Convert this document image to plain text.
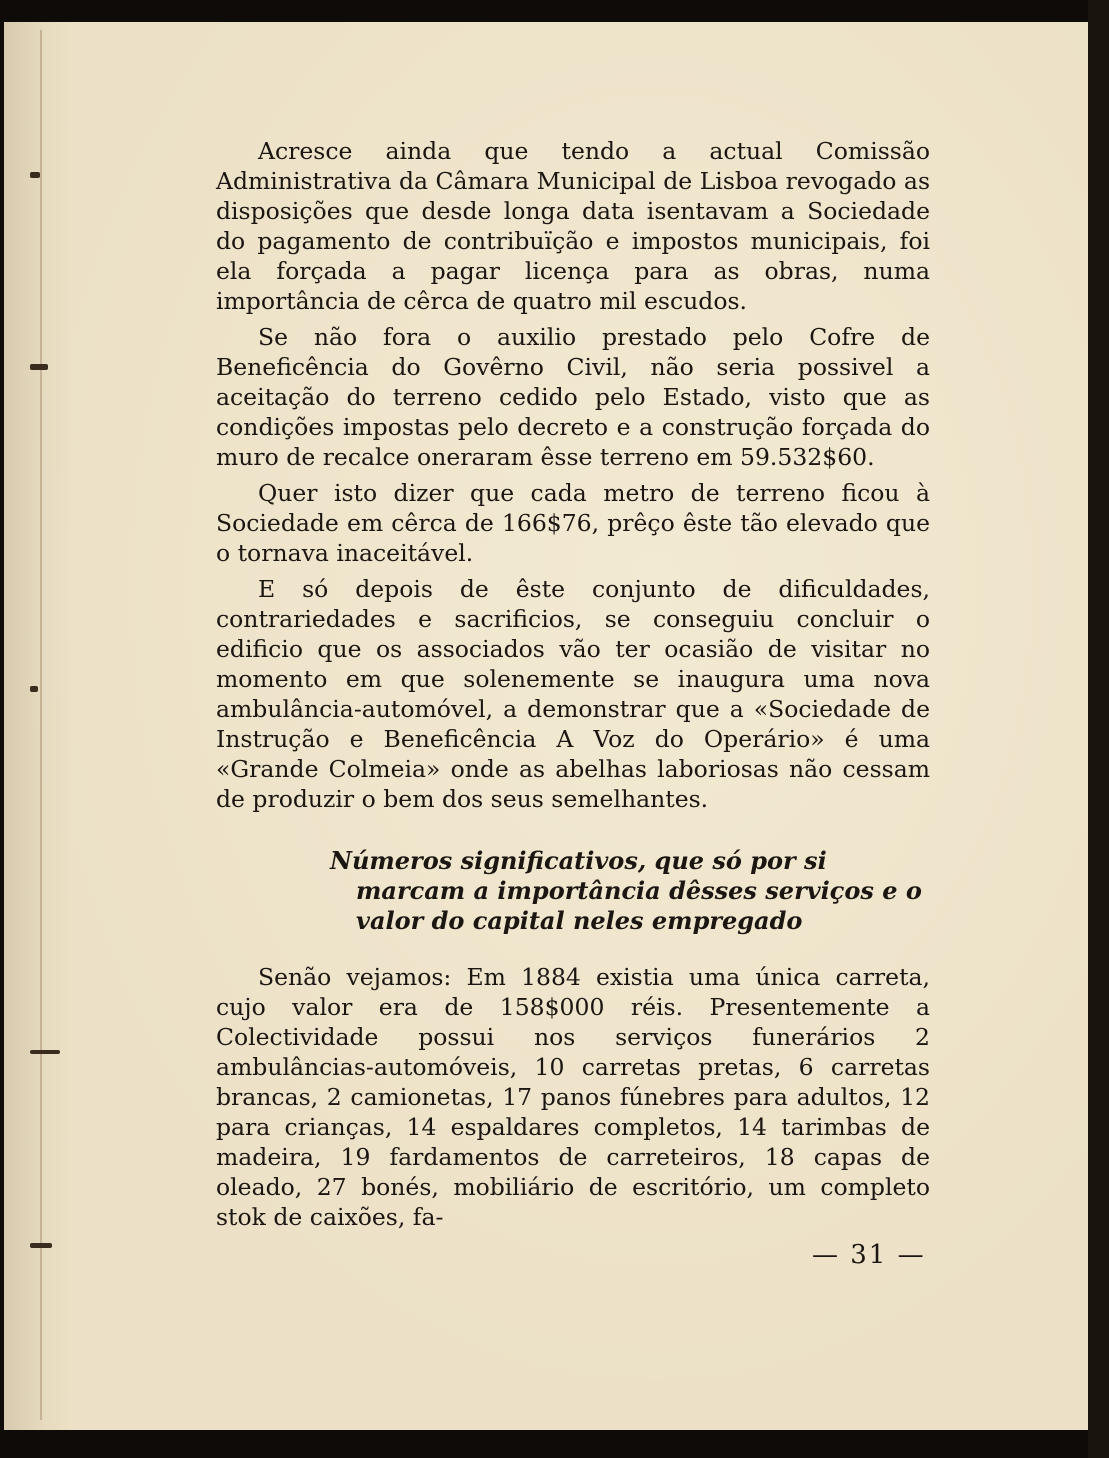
Acresce ainda que tendo a actual Comissão Administrativa da Câmara Municipal de Lisboa revogado as disposições que desde longa data isentavam a Sociedade do pagamento de contribuïção e impostos municipais, foi ela forçada a pagar licença para as obras, numa importância de cêrca de quatro mil escudos.

Se não fora o auxilio prestado pelo Cofre de Beneficência do Govêrno Civil, não seria possivel a aceitação do terreno cedido pelo Estado, visto que as condições impostas pelo decreto e a construção forçada do muro de recalce oneraram êsse terreno em 59.532$60.

Quer isto dizer que cada metro de terreno ficou à Sociedade em cêrca de 166$76, prêço êste tão elevado que o tornava inaceitável.

E só depois de êste conjunto de dificuldades, contrariedades e sacrificios, se conseguiu concluir o edificio que os associados vão ter ocasião de visitar no momento em que solenemente se inaugura uma nova ambulância-automóvel, a demonstrar que a «Sociedade de Instrução e Beneficência A Voz do Operário» é uma «Grande Colmeia» onde as abelhas laboriosas não cessam de produzir o bem dos seus semelhantes.

Números significativos, que só por si marcam a importância dêsses serviços e o valor do capital neles empregado

Senão vejamos: Em 1884 existia uma única carreta, cujo valor era de 158$000 réis. Presentemente a Colectividade possui nos serviços funerários 2 ambulâncias-automóveis, 10 carretas pretas, 6 carretas brancas, 2 camionetas, 17 panos fúnebres para adultos, 12 para crianças, 14 espaldares completos, 14 tarimbas de madeira, 19 fardamentos de carreteiros, 18 capas de oleado, 27 bonés, mobiliário de escritório, um completo stok de caixões, fa-

— 31 —
